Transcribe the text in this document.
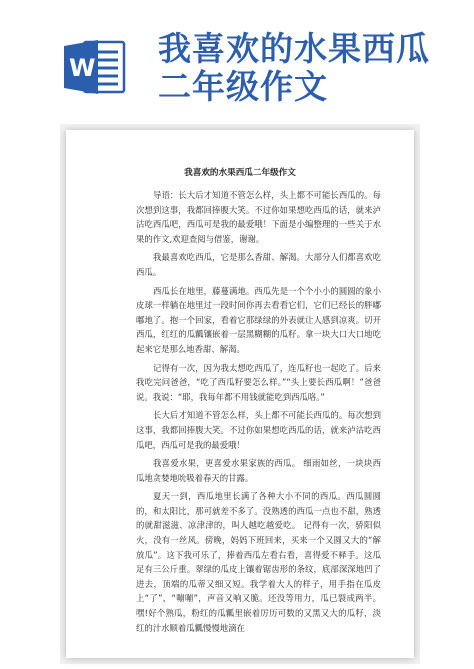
W 我喜欢的水果西瓜
二年级作文
我喜欢的水果西瓜二年级作文

导语：长大后才知道不管怎么样，头上都不可能长西瓜的。每次想到这事，我都回捧腹大笑。不过你如果想吃西瓜的话，就来泸沽吃西瓜吧，西瓜可是我的最爱哦！下面是小编整理的一些关于水果的作文,欢迎查阅与借鉴，谢谢。

我最喜欢吃西瓜，它是那么香甜、解渴。大部分人们都喜欢吃西瓜。

西瓜长在地里，藤蔓满地。西瓜先是一个个小小的圆圆的象小皮球一样躺在地里过一段时间你再去看看它们，它们已经长的胖嘟嘟地了。抱一个回家，看着它那绿绿的外表就让人感到凉爽。切开西瓜，红红的瓜瓤镶嵌着一层黑糊糊的瓜籽。拿一块大口大口地吃起来它是那么地香甜、解渴。

记得有一次，因为我太想吃西瓜了，连瓜籽也一起吃了。后来我吃完问爸爸，“吃了西瓜籽要怎么样。”“头上要长西瓜啊！”爸爸说。我说：“耶，我每年都不用钱就能吃到西瓜咯。”

长大后才知道不管怎么样，头上都不可能长西瓜的。每次想到这事，我都回捧腹大笑。不过你如果想吃西瓜的话，就来泸沽吃西瓜吧，西瓜可是我的最爱哦！

我喜爱水果，更喜爱水果家族的西瓜。 细雨如丝，一块块西瓜地贪婪地吮吸着春天的甘露。

夏天一到，西瓜地里长满了各种大小不同的西瓜。西瓜圆圆的，和太阳比，那可就差不多了。没熟透的西瓜一点也不甜，熟透的就甜滋滋、凉津津的，叫人越吃越爱吃。 记得有一次，骄阳似火，没有一丝风。傍晚，妈妈下班回来，买来一个又圆又大的“解放瓜”。这下我可乐了，捧着西瓜左看右看，喜得爱不释手。这瓜足有三公斤重。翠绿的瓜皮上镶着锯齿形的条纹，底部深深地凹了进去，顶端的瓜蒂又细又短。我学着大人的样子，用手指在瓜皮上“了”，“嘣嘣”，声音又响又脆。还没等用力，瓜已裂成两半。嘿!好个熟瓜，粉红的瓜瓤里嵌着厉历可数的又黑又大的瓜籽，淡红的汁水顺着瓜瓤慢慢地滴在
